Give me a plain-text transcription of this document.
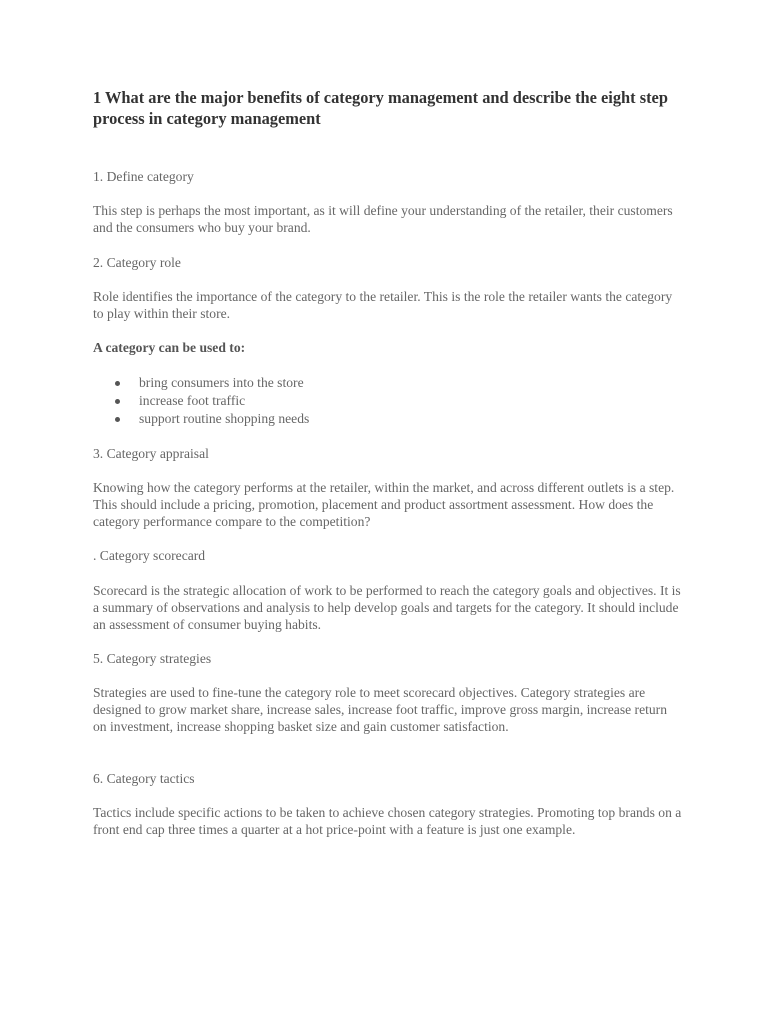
1 What are the major benefits of category management and describe the eight step process in category management

1. Define category

This step is perhaps the most important, as it will define your understanding of the retailer, their customers and the consumers who buy your brand.

2. Category role

Role identifies the importance of the category to the retailer. This is the role the retailer wants the category to play within their store.

A category can be used to:

bring consumers into the store
increase foot traffic
support routine shopping needs

3. Category appraisal

Knowing how the category performs at the retailer, within the market, and across different outlets is a step. This should include a pricing, promotion, placement and product assortment assessment. How does the category performance compare to the competition?

. Category scorecard

Scorecard is the strategic allocation of work to be performed to reach the category goals and objectives. It is a summary of observations and analysis to help develop goals and targets for the category. It should include an assessment of consumer buying habits.

5. Category strategies

Strategies are used to fine-tune the category role to meet scorecard objectives. Category strategies are designed to grow market share, increase sales, increase foot traffic, improve gross margin, increase return on investment, increase shopping basket size and gain customer satisfaction.

6. Category tactics

Tactics include specific actions to be taken to achieve chosen category strategies. Promoting top brands on a front end cap three times a quarter at a hot price-point with a feature is just one example.
